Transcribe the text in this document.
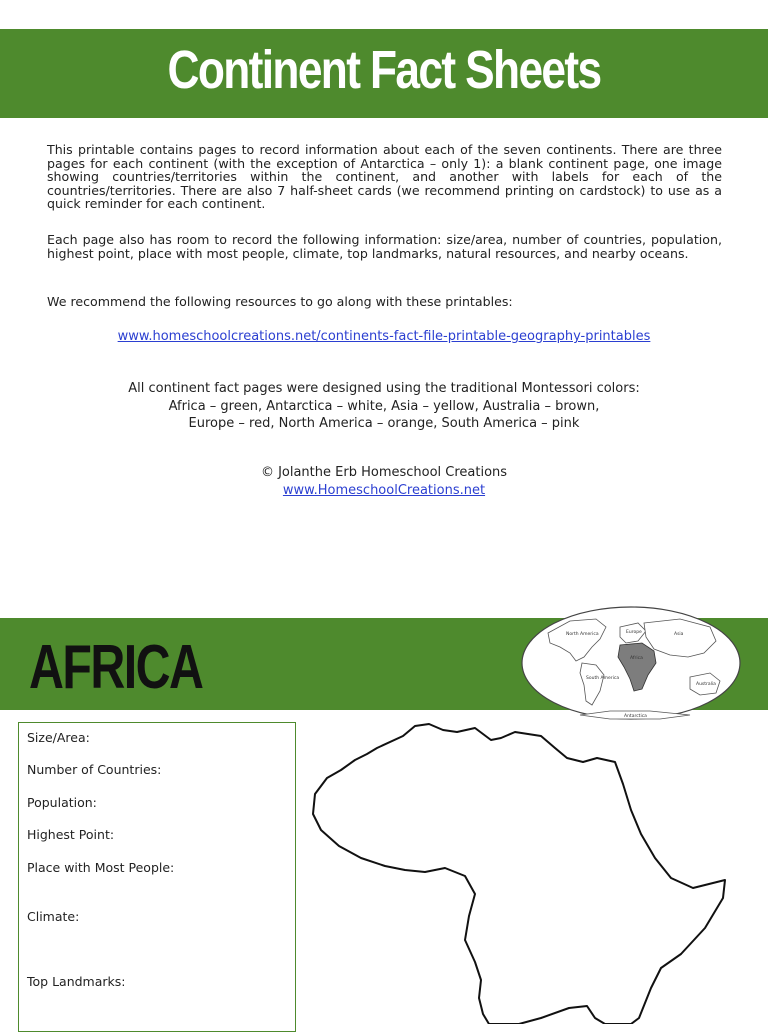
Continent Fact Sheets
This printable contains pages to record information about each of the seven continents. There are three pages for each continent (with the exception of Antarctica – only 1): a blank continent page, one image showing countries/territories within the continent, and another with labels for each of the countries/territories. There are also 7 half-sheet cards (we recommend printing on cardstock) to use as a quick reminder for each continent.
Each page also has room to record the following information: size/area, number of countries, population, highest point, place with most people, climate, top landmarks, natural resources, and nearby oceans.
We recommend the following resources to go along with these printables:
www.homeschoolcreations.net/continents-fact-file-printable-geography-printables
All continent fact pages were designed using the traditional Montessori colors:
Africa – green, Antarctica – white, Asia – yellow, Australia – brown,
Europe – red, North America – orange, South America – pink
© Jolanthe Erb Homeschool Creations
www.HomeschoolCreations.net
AFRICA	North America
South America
Europe	Asia
Africa
Australia
Antarctica
Size/Area:
Number of Countries:
Population:
Highest Point:
Place with Most People:
Climate:
Top Landmarks:
